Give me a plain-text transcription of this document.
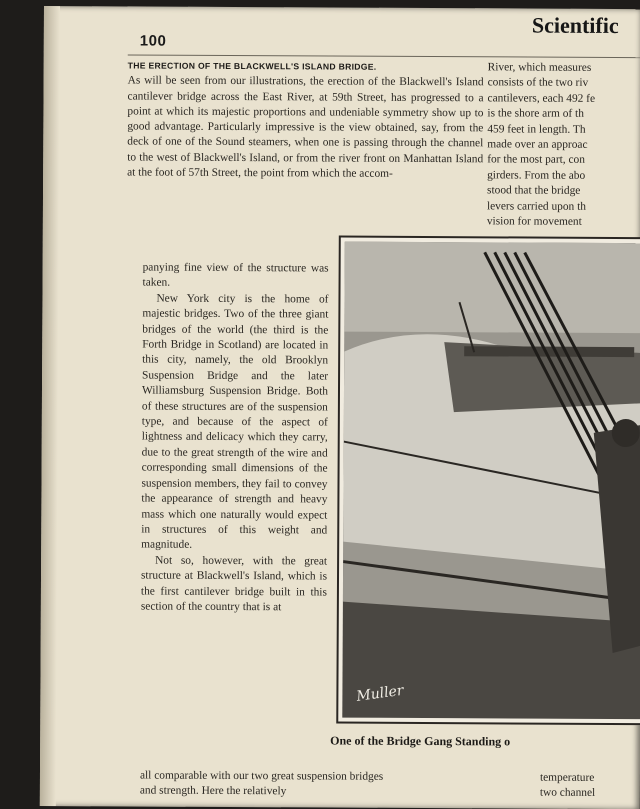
100
Scientific
THE ERECTION OF THE BLACKWELL'S ISLAND BRIDGE.

As will be seen from our illustrations, the erection of the Blackwell's Island cantilever bridge across the East River, at 59th Street, has progressed to a point at which its majestic proportions and undeniable symmetry show up to good advantage. Particularly impressive is the view obtained, say, from the deck of one of the Sound steamers, when one is passing through the channel to the west of Blackwell's Island, or from the river front on Manhattan Island at the foot of 57th Street, the point from which the accom-

panying fine view of the structure was taken.

New York city is the home of majestic bridges. Two of the three giant bridges of the world (the third is the Forth Bridge in Scotland) are located in this city, namely, the old Brooklyn Suspension Bridge and the later Williamsburg Suspension Bridge. Both of these structures are of the suspension type, and because of the aspect of lightness and delicacy which they carry, due to the great strength of the wire and corresponding small dimensions of the suspension members, they fail to convey the appearance of strength and heavy mass which one naturally would expect in structures of this weight and magnitude.

Not so, however, with the great structure at Blackwell's Island, which is the first cantilever bridge built in this section of the country that is at

River, which measures
consists of the two riv
cantilevers, each 492 fe
is the shore arm of th
459 feet in length. Th
made over an approac
for the most part, con
girders. From the abo
stood that the bridge
levers carried upon th
vision for movement
Muller
One of the Bridge Gang Standing o
all comparable with our two great suspension bridges
and strength. Here the relatively
temperature
two channel
